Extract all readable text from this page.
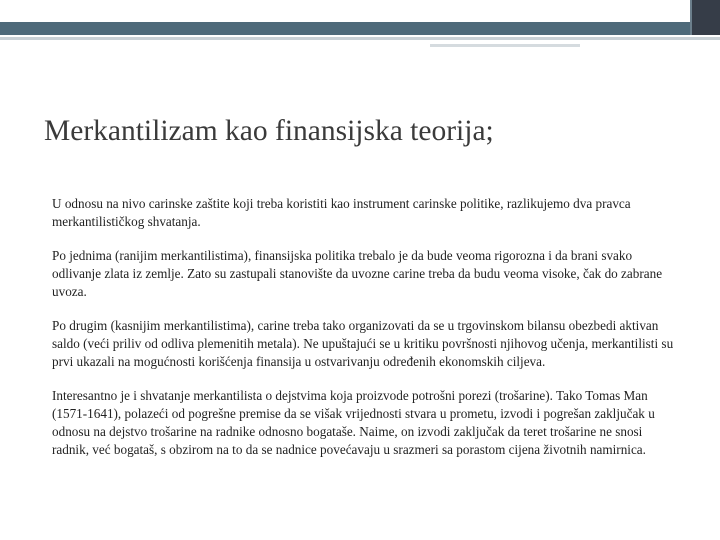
Merkantilizam kao finansijska teorija;

U odnosu na nivo carinske zaštite koji treba koristiti kao instrument carinske politike, razlikujemo dva pravca merkantilističkog shvatanja.

Po jednima (ranijim merkantilistima), finansijska politika trebalo je da bude veoma rigorozna i da brani svako odlivanje zlata iz zemlje. Zato su zastupali stanovište da uvozne carine treba da budu veoma visoke, čak do zabrane uvoza.

Po drugim (kasnijim merkantilistima), carine treba tako organizovati da se u trgovinskom bilansu obezbedi aktivan saldo (veći priliv od odliva plemenitih metala). Ne upuštajući se u kritiku površnosti njihovog učenja, merkantilisti su prvi ukazali na mogućnosti korišćenja finansija u ostvarivanju određenih ekonomskih ciljeva.

Interesantno je i shvatanje merkantilista o dejstvima koja proizvode potrošni porezi (trošarine). Tako Tomas Man (1571-1641), polazeći od pogrešne premise da se višak vrijednosti stvara u prometu, izvodi i pogrešan zaključak u odnosu na dejstvo trošarine na radnike odnosno bogataše. Naime, on izvodi zaključak da teret trošarine ne snosi radnik, već bogataš, s obzirom na to da se nadnice povećavaju u srazmeri sa porastom cijena životnih namirnica.
